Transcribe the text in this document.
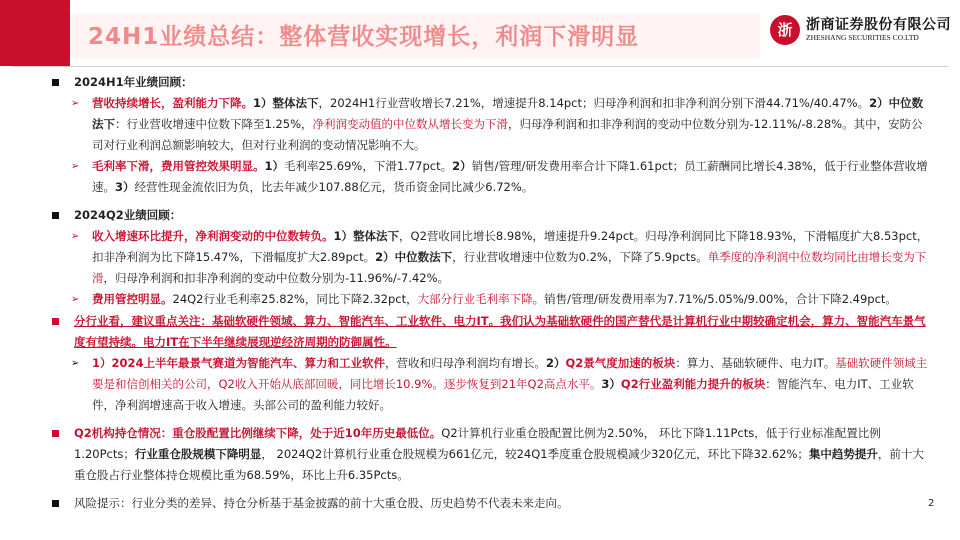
24H1业绩总结：整体营收实现增长，利润下滑明显	浙 浙商证券股份有限公司
ZHESHANG SECURITIES CO.LTD
2024H1年业绩回顾：
➢ 营收持续增长，盈利能力下降。1）整体法下，2024H1行业营收增长7.21%，增速提升8.14pct；归母净利润和扣非净利润分别下滑44.71%/40.47%。2）中位数法下：行业营收增速中位数下降至1.25%，净利润变动值的中位数从增长变为下滑，归母净利润和扣非净利润的变动中位数分别为-12.11%/-8.28%。其中，安防公司对行业利润总额影响较大，但对行业利润的变动情况影响不大。
➢ 毛利率下滑，费用管控效果明显。1）毛利率25.69%，下滑1.77pct。2）销售/管理/研发费用率合计下降1.61pct；员工薪酬同比增长4.38%，低于行业整体营收增速。3）经营性现金流依旧为负，比去年减少107.88亿元，货币资金同比减少6.72%。
2024Q2业绩回顾：
➢ 收入增速环比提升，净利润变动的中位数转负。1）整体法下，Q2营收同比增长8.98%，增速提升9.24pct。归母净利润同比下降18.93%，下滑幅度扩大8.53pct，扣非净利润为比下降15.47%，下滑幅度扩大2.89pct。2）中位数法下，行业营收增速中位数为0.2%，下降了5.9pcts。单季度的净利润中位数均同比由增长变为下滑，归母净利润和扣非净利润的变动中位数分别为-11.96%/-7.42%。
➢ 费用管控明显。24Q2行业毛利率25.82%，同比下降2.32pct，大部分行业毛利率下降。销售/管理/研发费用率为7.71%/5.05%/9.00%，合计下降2.49pct。
分行业看，建议重点关注：基础软硬件领域、算力、智能汽车、工业软件、电力IT。我们认为基础软硬件的国产替代是计算机行业中期较确定机会，算力、智能汽车景气度有望持续。电力IT在下半年继续展现逆经济周期的防御属性。
➢ 1）2024上半年最景气赛道为智能汽车、算力和工业软件，营收和归母净利润均有增长。2）Q2景气度加速的板块：算力、基础软硬件、电力IT。基础软硬件领域主要是和信创相关的公司，Q2收入开始从底部回暖，同比增长10.9%。逐步恢复到21年Q2高点水平。3）Q2行业盈利能力提升的板块：智能汽车、电力IT、工业软件，净利润增速高于收入增速。头部公司的盈利能力较好。
Q2机构持仓情况：重仓股配置比例继续下降，处于近10年历史最低位。Q2计算机行业重仓股配置比例为2.50%， 环比下降1.11Pcts，低于行业标准配置比例1.20Pcts；行业重仓股规模下降明显， 2024Q2计算机行业重仓股规模为661亿元，较24Q1季度重仓股规模减少320亿元，环比下降32.62%；集中趋势提升，前十大重仓股占行业整体持仓规模比重为68.59%，环比上升6.35Pcts。
风险提示：行业分类的差异、持仓分析基于基金披露的前十大重仓股、历史趋势不代表未来走向。	2
